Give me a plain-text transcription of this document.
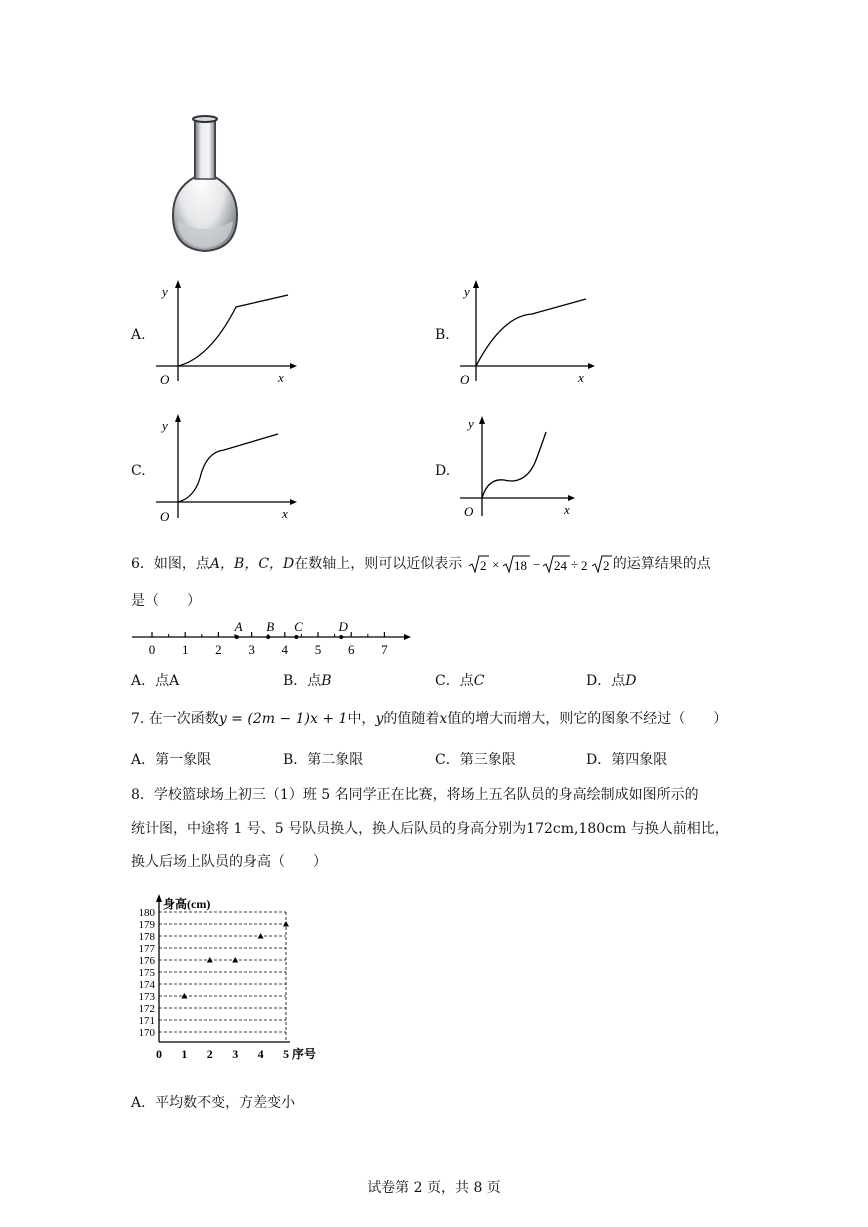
A.
O
y
x
B.
O
y
x
C.
O
y
x
D.
O
y
x
6．如图，点A，B，C，D在数轴上，则可以近似表示 2 × 18 − 24 ÷ 2 2 的运算结果的点
是（　　）
0 1 2 3 4 5 6 7
A B C	D
A．点A	B．点B	C．点C	D．点D
7. 在一次函数y = (2m − 1)x + 1中，y的值随着x值的增大而增大，则它的图象不经过（　　）
A．第一象限	B．第二象限	C．第三象限	D．第四象限
8．学校篮球场上初三（1）班 5 名同学正在比赛，将场上五名队员的身高绘制成如图所示的
统计图，中途将 1 号、5 号队员换人，换人后队员的身高分别为172cm,180cm 与换人前相比，
换人后场上队员的身高（　　）
身高(cm)
170
171
172
173
174
175
176
177
178
179
180
0 1 2 3 4 5 序号
A．平均数不变，方差变小
试卷第 2 页，共 8 页
